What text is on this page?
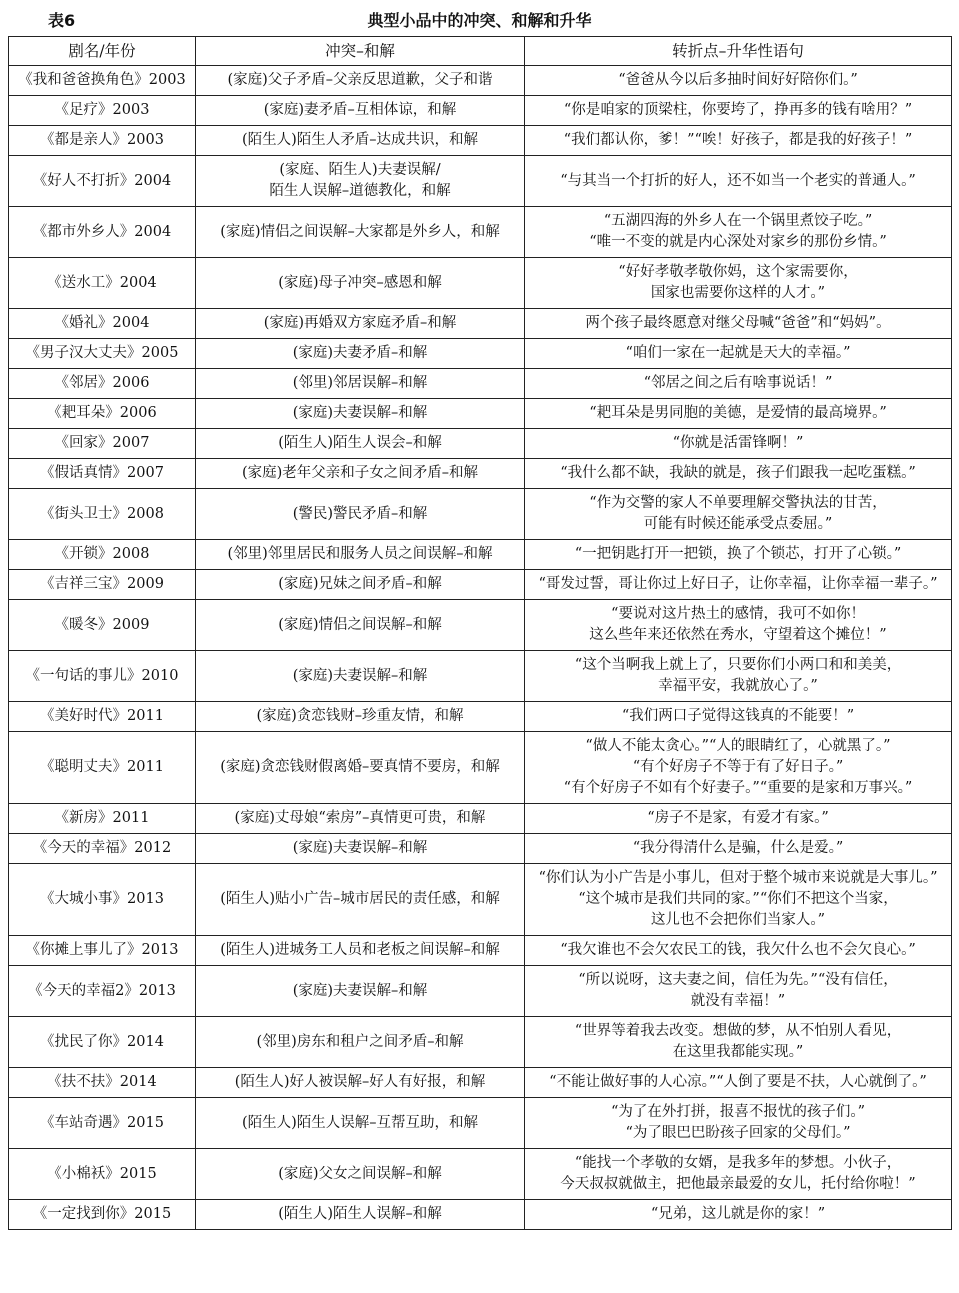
表6	典型小品中的冲突、和解和升华
剧名/年份	冲突–和解	转折点–升华性语句
《我和爸爸换角色》2003	(家庭)父子矛盾–父亲反思道歉，父子和谐	“爸爸从今以后多抽时间好好陪你们。”

《足疗》2003	(家庭)妻矛盾–互相体谅，和解	“你是咱家的顶梁柱，你要垮了，挣再多的钱有啥用？”

《都是亲人》2003	(陌生人)陌生人矛盾–达成共识，和解	“我们都认你，爹！”“唉！好孩子，都是我的好孩子！”

《好人不打折》2004	(家庭、陌生人)夫妻误解/
陌生人误解–道德教化，和解	“与其当一个打折的好人，还不如当一个老实的普通人。”

《都市外乡人》2004	(家庭)情侣之间误解–大家都是外乡人，和解	“五湖四海的外乡人在一个锅里煮饺子吃。”
“唯一不变的就是内心深处对家乡的那份乡情。”

《送水工》2004	(家庭)母子冲突–感恩和解	“好好孝敬孝敬你妈，这个家需要你，
国家也需要你这样的人才。”

《婚礼》2004	(家庭)再婚双方家庭矛盾–和解	两个孩子最终愿意对继父母喊“爸爸”和“妈妈”。

《男子汉大丈夫》2005	(家庭)夫妻矛盾–和解	“咱们一家在一起就是天大的幸福。”

《邻居》2006	(邻里)邻居误解–和解	“邻居之间之后有啥事说话！”

《耙耳朵》2006	(家庭)夫妻误解–和解	“耙耳朵是男同胞的美德，是爱情的最高境界。”

《回家》2007	(陌生人)陌生人误会–和解	“你就是活雷锋啊！”

《假话真情》2007	(家庭)老年父亲和子女之间矛盾–和解	“我什么都不缺，我缺的就是，孩子们跟我一起吃蛋糕。”

《街头卫士》2008	(警民)警民矛盾–和解	“作为交警的家人不单要理解交警执法的甘苦，
可能有时候还能承受点委屈。”

《开锁》2008	(邻里)邻里居民和服务人员之间误解–和解	“一把钥匙打开一把锁，换了个锁芯，打开了心锁。”

《吉祥三宝》2009	(家庭)兄妹之间矛盾–和解	“哥发过誓，哥让你过上好日子，让你幸福，让你幸福一辈子。”

《暖冬》2009	(家庭)情侣之间误解–和解	“要说对这片热土的感情，我可不如你！
这么些年来还依然在秀水，守望着这个摊位！”

《一句话的事儿》2010	(家庭)夫妻误解–和解	“这个当啊我上就上了，只要你们小两口和和美美，
幸福平安，我就放心了。”

《美好时代》2011	(家庭)贪恋钱财–珍重友情，和解	“我们两口子觉得这钱真的不能要！”

《聪明丈夫》2011	(家庭)贪恋钱财假离婚–要真情不要房，和解	“做人不能太贪心。”“人的眼睛红了，心就黑了。”
“有个好房子不等于有了好日子。”
“有个好房子不如有个好妻子。”“重要的是家和万事兴。”

《新房》2011	(家庭)丈母娘“索房”–真情更可贵，和解	“房子不是家，有爱才有家。”

《今天的幸福》2012	(家庭)夫妻误解–和解	“我分得清什么是骗，什么是爱。”

《大城小事》2013	(陌生人)贴小广告–城市居民的责任感，和解	“你们认为小广告是小事儿，但对于整个城市来说就是大事儿。”
“这个城市是我们共同的家。”“你们不把这个当家，
这儿也不会把你们当家人。”

《你摊上事儿了》2013	(陌生人)进城务工人员和老板之间误解–和解	“我欠谁也不会欠农民工的钱，我欠什么也不会欠良心。”

《今天的幸福2》2013	(家庭)夫妻误解–和解	“所以说呀，这夫妻之间，信任为先。”“没有信任，
就没有幸福！”

《扰民了你》2014	(邻里)房东和租户之间矛盾–和解	“世界等着我去改变。想做的梦，从不怕别人看见，
在这里我都能实现。”

《扶不扶》2014	(陌生人)好人被误解–好人有好报，和解	“不能让做好事的人心凉。”“人倒了要是不扶，人心就倒了。”

《车站奇遇》2015	(陌生人)陌生人误解–互帮互助，和解	“为了在外打拼，报喜不报忧的孩子们。”
“为了眼巴巴盼孩子回家的父母们。”

《小棉袄》2015	(家庭)父女之间误解–和解	“能找一个孝敬的女婿，是我多年的梦想。小伙子，
今天叔叔就做主，把他最亲最爱的女儿，托付给你啦！”

《一定找到你》2015	(陌生人)陌生人误解–和解	“兄弟，这儿就是你的家！”
